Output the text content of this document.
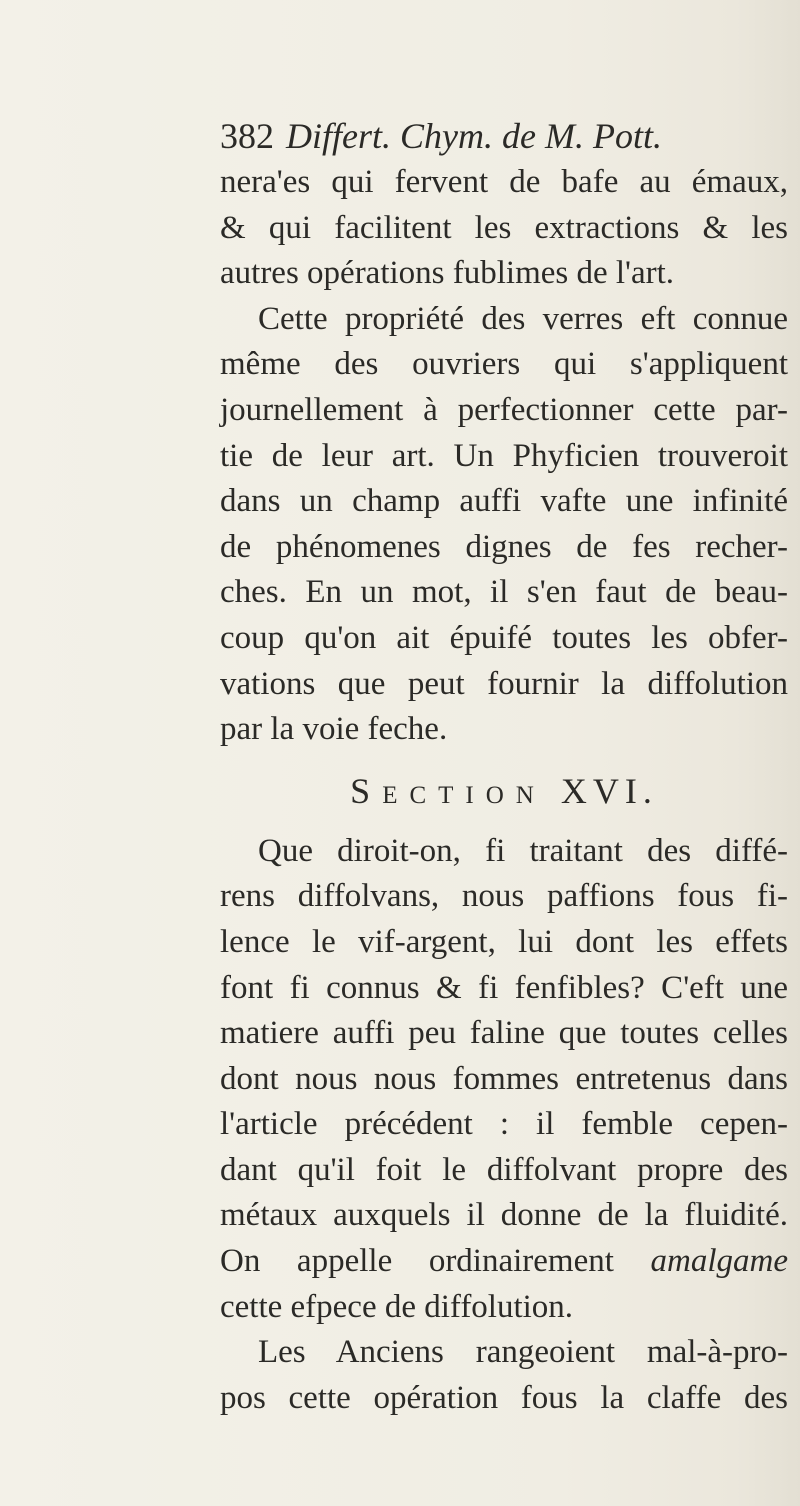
382 Differt. Chym. de M. Pott.
nera'es qui fervent de bafe au émaux,
& qui facilitent les extractions & les
autres opérations fublimes de l'art.
Cette propriété des verres eft connue
même des ouvriers qui s'appliquent
journellement à perfectionner cette par-
tie de leur art. Un Phyficien trouveroit
dans un champ auffi vafte une infinité
de phénomenes dignes de fes recher-
ches. En un mot, il s'en faut de beau-
coup qu'on ait épuifé toutes les obfer-
vations que peut fournir la diffolution
par la voie feche.
Section XVI.
Que diroit-on, fi traitant des diffé-
rens diffolvans, nous paffions fous fi-
lence le vif-argent, lui dont les effets
font fi connus & fi fenfibles? C'eft une
matiere auffi peu faline que toutes celles
dont nous nous fommes entretenus dans
l'article précédent : il femble cepen-
dant qu'il foit le diffolvant propre des
métaux auxquels il donne de la fluidité.
On appelle ordinairement amalgame
cette efpece de diffolution.
Les Anciens rangeoient mal-à-pro-
pos cette opération fous la claffe des
